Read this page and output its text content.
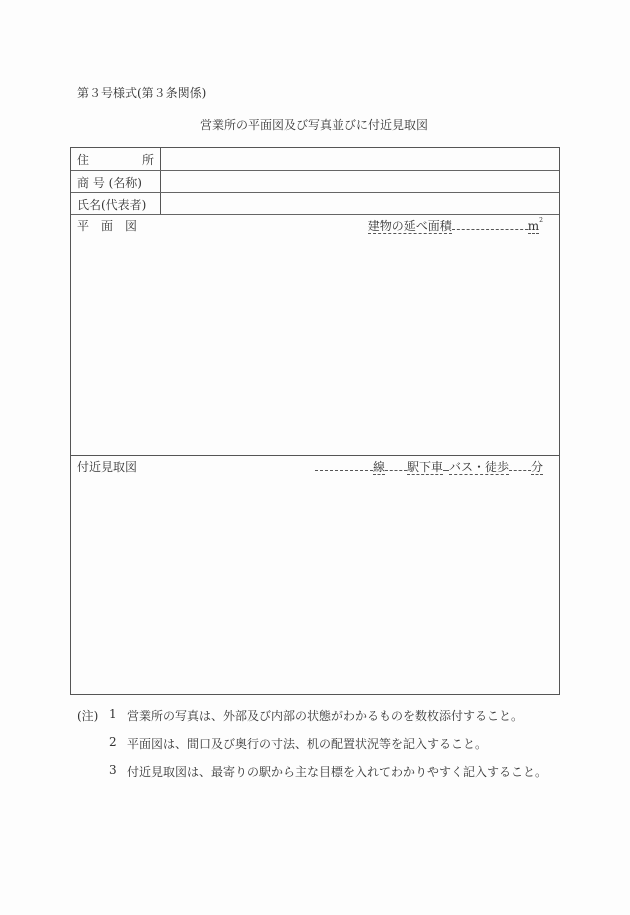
第３号様式(第３条関係)
営業所の平面図及び写真並びに付近見取図
住	所
商 号 (名称)
氏名(代表者)
平　面　図	建物の延べ面積	$m^2$
付近見取図	線 駅下車 バス・徒歩 分
(注) 1 営業所の写真は、外部及び内部の状態がわかるものを数枚添付すること。
2 平面図は、間口及び奥行の寸法、机の配置状況等を記入すること。
3 付近見取図は、最寄りの駅から主な目標を入れてわかりやすく記入すること。
